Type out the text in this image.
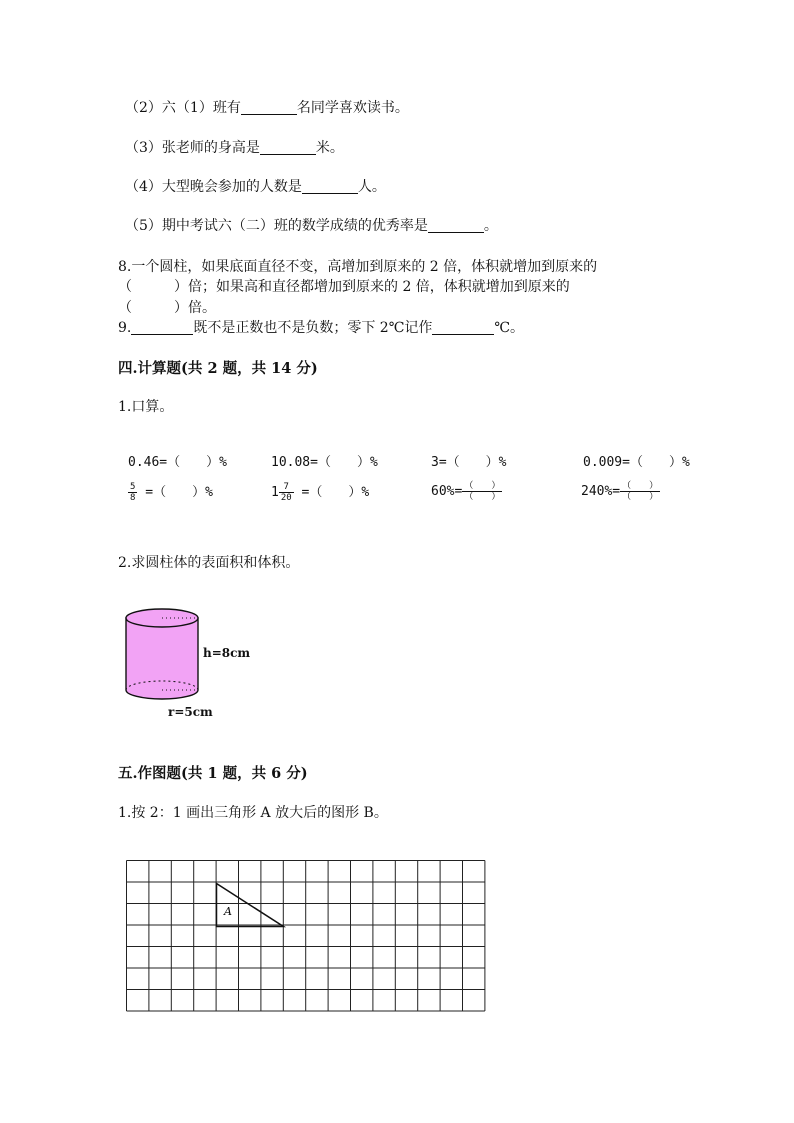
（2）六（1）班有	名同学喜欢读书。
（3）张老师的身高是	米。
（4）大型晚会参加的人数是	人。
（5）期中考试六（二）班的数学成绩的优秀率是	。
8.一个圆柱，如果底面直径不变，高增加到原来的 2 倍，体积就增加到原来的
（　　　）倍；如果高和直径都增加到原来的 2 倍，体积就增加到原来的
（　　　）倍。
9.	既不是正数也不是负数；零下 2℃记作	℃。
四.计算题(共 2 题，共 14 分)
1.口算。
0.46=（　　）%	10.08=（　　）%	3=（　　）%	0.009=（　　）%
$\frac{5}{8}$ =（　　）%	$1 \frac{7}{20}$ =（　　）%	$60\%= \frac{( )}{( )}$	$240\%= \frac{( )}{( )}$
2.求圆柱体的表面积和体积。
h=8cm
r=5cm
五.作图题(共 1 题，共 6 分)
1.按 2：1 画出三角形 A 放大后的图形 B。
A
